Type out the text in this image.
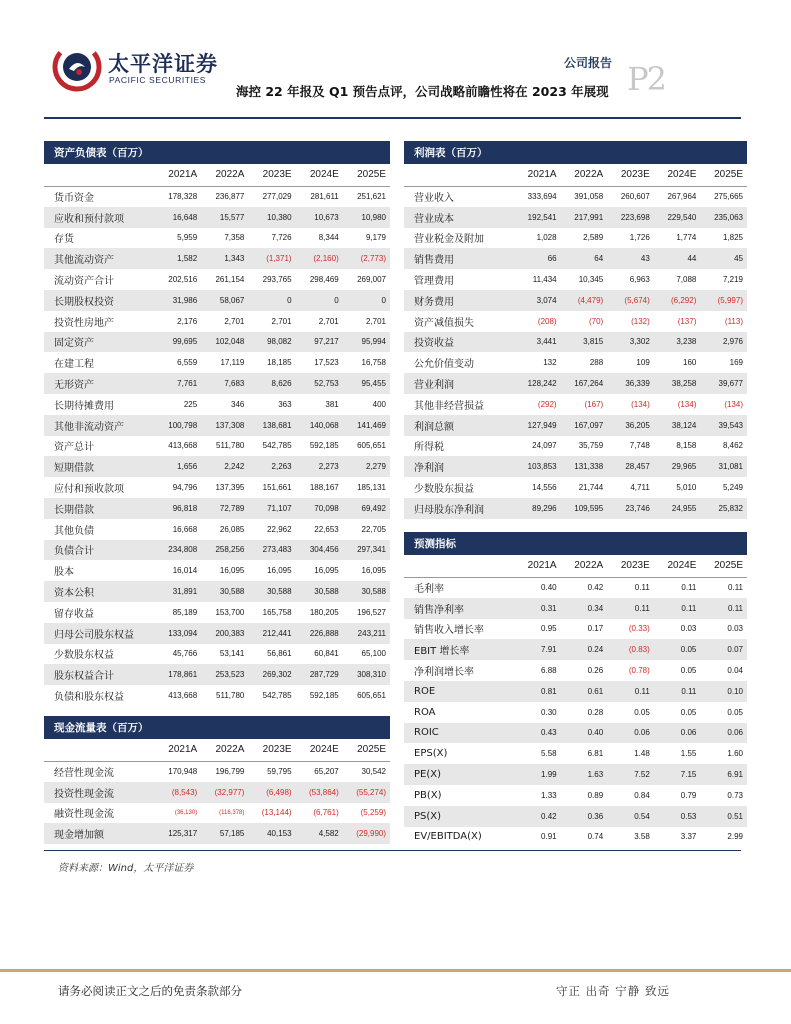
太平洋证券
PACIFIC SECURITIES
公司报告 P2
海控 22 年报及 Q1 预告点评，公司战略前瞻性将在 2023 年展现
资产负债表（百万）					
	2021A	2022A	2023E	2024E	2025E
货币资金	178,328	236,877	277,029	281,611	251,621
应收和预付款项	16,648	15,577	10,380	10,673	10,980
存货	5,959	7,358	7,726	8,344	9,179
其他流动资产	1,582	1,343	(1,371)	(2,160)	(2,773)
流动资产合计	202,516	261,154	293,765	298,469	269,007
长期股权投资	31,986	58,067	0	0	0
投资性房地产	2,176	2,701	2,701	2,701	2,701
固定资产	99,695	102,048	98,082	97,217	95,994
在建工程	6,559	17,119	18,185	17,523	16,758
无形资产	7,761	7,683	8,626	52,753	95,455
长期待摊费用	225	346	363	381	400
其他非流动资产	100,798	137,308	138,681	140,068	141,469
资产总计	413,668	511,780	542,785	592,185	605,651
短期借款	1,656	2,242	2,263	2,273	2,279
应付和预收款项	94,796	137,395	151,661	188,167	185,131
长期借款	96,818	72,789	71,107	70,098	69,492
其他负债	16,668	26,085	22,962	22,653	22,705
负债合计	234,808	258,256	273,483	304,456	297,341
股本	16,014	16,095	16,095	16,095	16,095
资本公积	31,891	30,588	30,588	30,588	30,588
留存收益	85,189	153,700	165,758	180,205	196,527
归母公司股东权益	133,094	200,383	212,441	226,888	243,211
少数股东权益	45,766	53,141	56,861	60,841	65,100
股东权益合计	178,861	253,523	269,302	287,729	308,310
负债和股东权益	413,668	511,780	542,785	592,185	605,651
利润表（百万）					
	2021A	2022A	2023E	2024E	2025E
营业收入	333,694	391,058	260,607	267,964	275,665
营业成本	192,541	217,991	223,698	229,540	235,063
营业税金及附加	1,028	2,589	1,726	1,774	1,825
销售费用	66	64	43	44	45
管理费用	11,434	10,345	6,963	7,088	7,219
财务费用	3,074	(4,479)	(5,674)	(6,292)	(5,997)
资产减值损失	(208)	(70)	(132)	(137)	(113)
投资收益	3,441	3,815	3,302	3,238	2,976
公允价值变动	132	288	109	160	169
营业利润	128,242	167,264	36,339	38,258	39,677
其他非经营损益	(292)	(167)	(134)	(134)	(134)
利润总额	127,949	167,097	36,205	38,124	39,543
所得税	24,097	35,759	7,748	8,158	8,462
净利润	103,853	131,338	28,457	29,965	31,081
少数股东损益	14,556	21,744	4,711	5,010	5,249
归母股东净利润	89,296	109,595	23,746	24,955	25,832
预测指标					
	2021A	2022A	2023E	2024E	2025E
毛利率	0.40	0.42	0.11	0.11	0.11
销售净利率	0.31	0.34	0.11	0.11	0.11
销售收入增长率	0.95	0.17	(0.33)	0.03	0.03
EBIT 增长率	7.91	0.24	(0.83)	0.05	0.07
净利润增长率	6.88	0.26	(0.78)	0.05	0.04
ROE	0.81	0.61	0.11	0.11	0.10
ROA	0.30	0.28	0.05	0.05	0.05
ROIC	0.43	0.40	0.06	0.06	0.06
EPS(X)	5.58	6.81	1.48	1.55	1.60
PE(X)	1.99	1.63	7.52	7.15	6.91
PB(X)	1.33	0.89	0.84	0.79	0.73
PS(X)	0.42	0.36	0.54	0.53	0.51
EV/EBITDA(X)	0.91	0.74	3.58	3.37	2.99
现金流量表（百万）					
	2021A	2022A	2023E	2024E	2025E
经营性现金流	170,948	196,799	59,795	65,207	30,542
投资性现金流	(8,543)	(32,977)	(6,498)	(53,864)	(55,274)
融资性现金流	(36,130)	(116,378)	(13,144)	(6,761)	(5,259)
现金增加额	125,317	57,185	40,153	4,582	(29,990)
资料来源：Wind，太平洋证券
请务必阅读正文之后的免责条款部分	守正 出奇 宁静 致远
